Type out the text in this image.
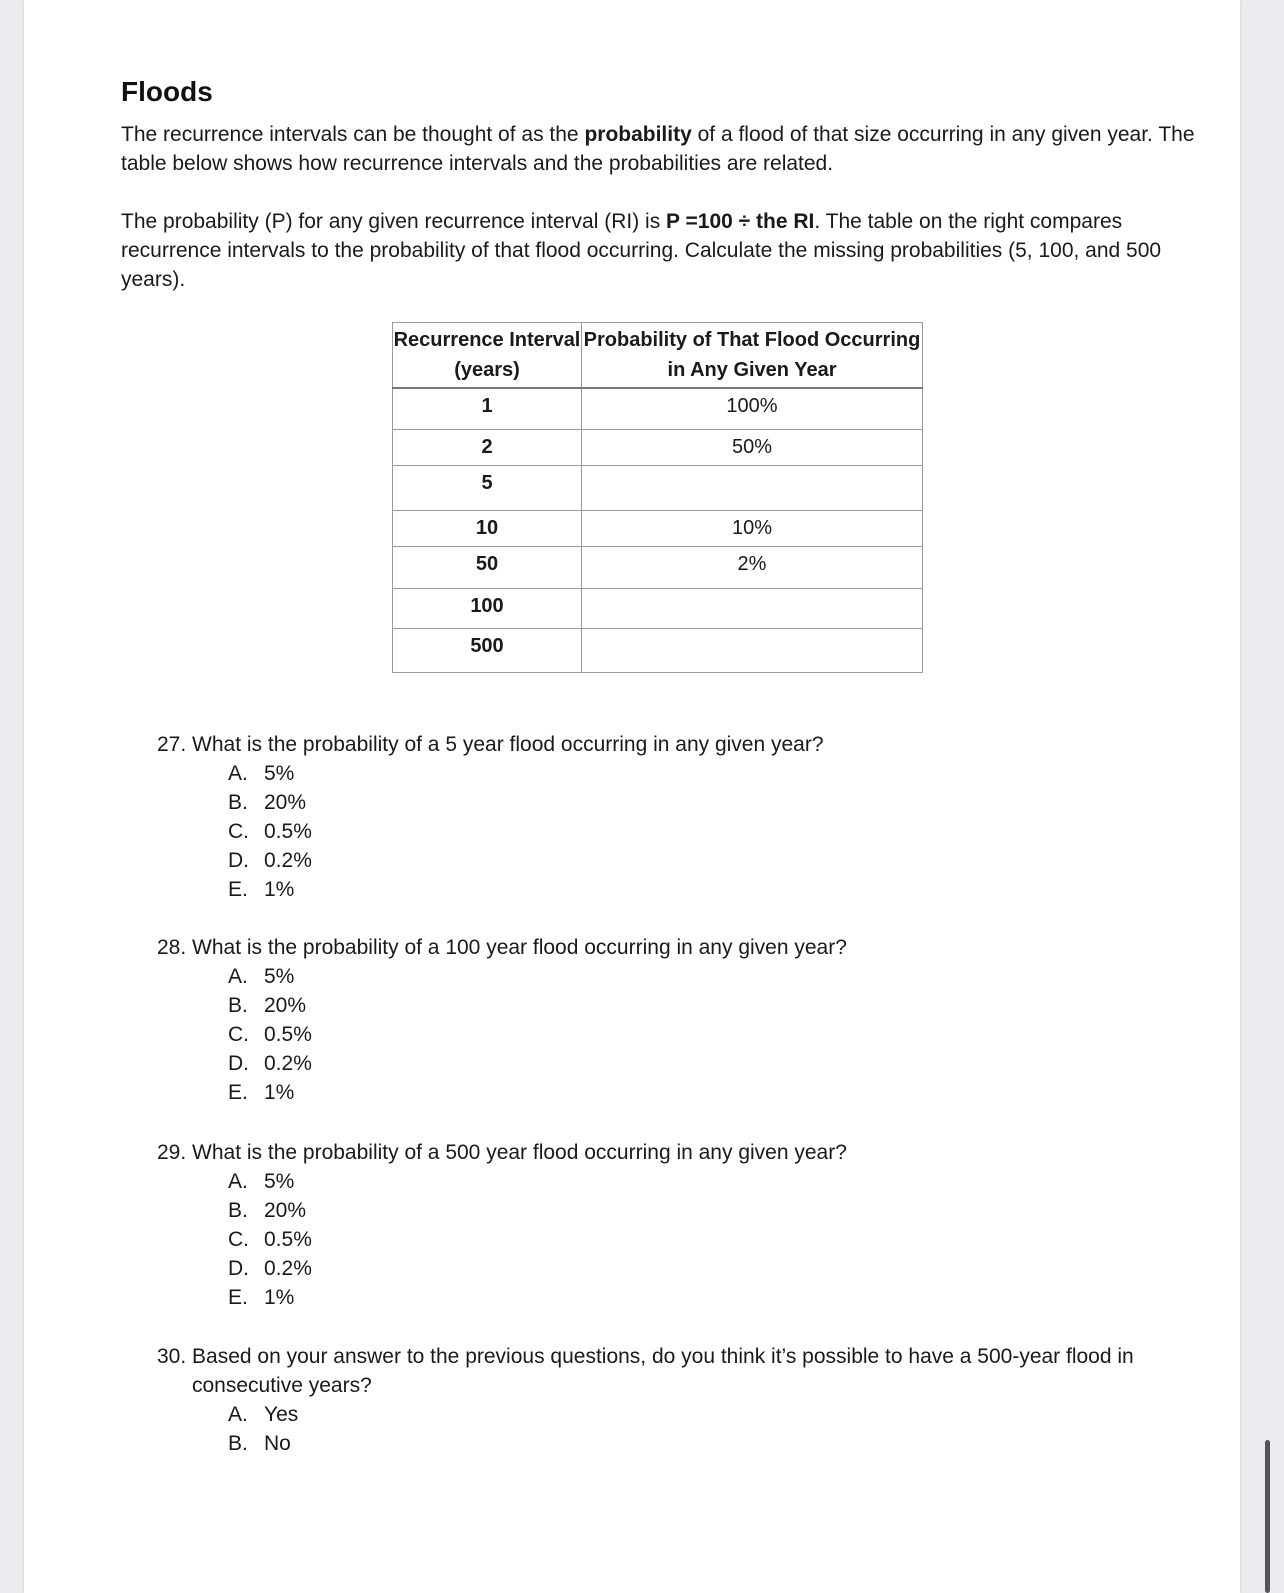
Floods
The recurrence intervals can be thought of as the probability of a flood of that size occurring in any given year. The table below shows how recurrence intervals and the probabilities are related.
The probability (P) for any given recurrence interval (RI) is P =100 ÷ the RI. The table on the right compares recurrence intervals to the probability of that flood occurring. Calculate the missing probabilities (5, 100, and 500 years).
Recurrence Interval (years)	Probability of That Flood Occurring in Any Given Year
1	100%
2	50%
5	
10	10%
50	2%
100	
500	
27. What is the probability of a 5 year flood occurring in any given year?
A. 5%
B. 20%
C. 0.5%
D. 0.2%
E. 1%
28. What is the probability of a 100 year flood occurring in any given year?
A. 5%
B. 20%
C. 0.5%
D. 0.2%
E. 1%
29. What is the probability of a 500 year flood occurring in any given year?
A. 5%
B. 20%
C. 0.5%
D. 0.2%
E. 1%
30. Based on your answer to the previous questions, do you think it’s possible to have a 500-year flood in consecutive years?
A. Yes
B. No
